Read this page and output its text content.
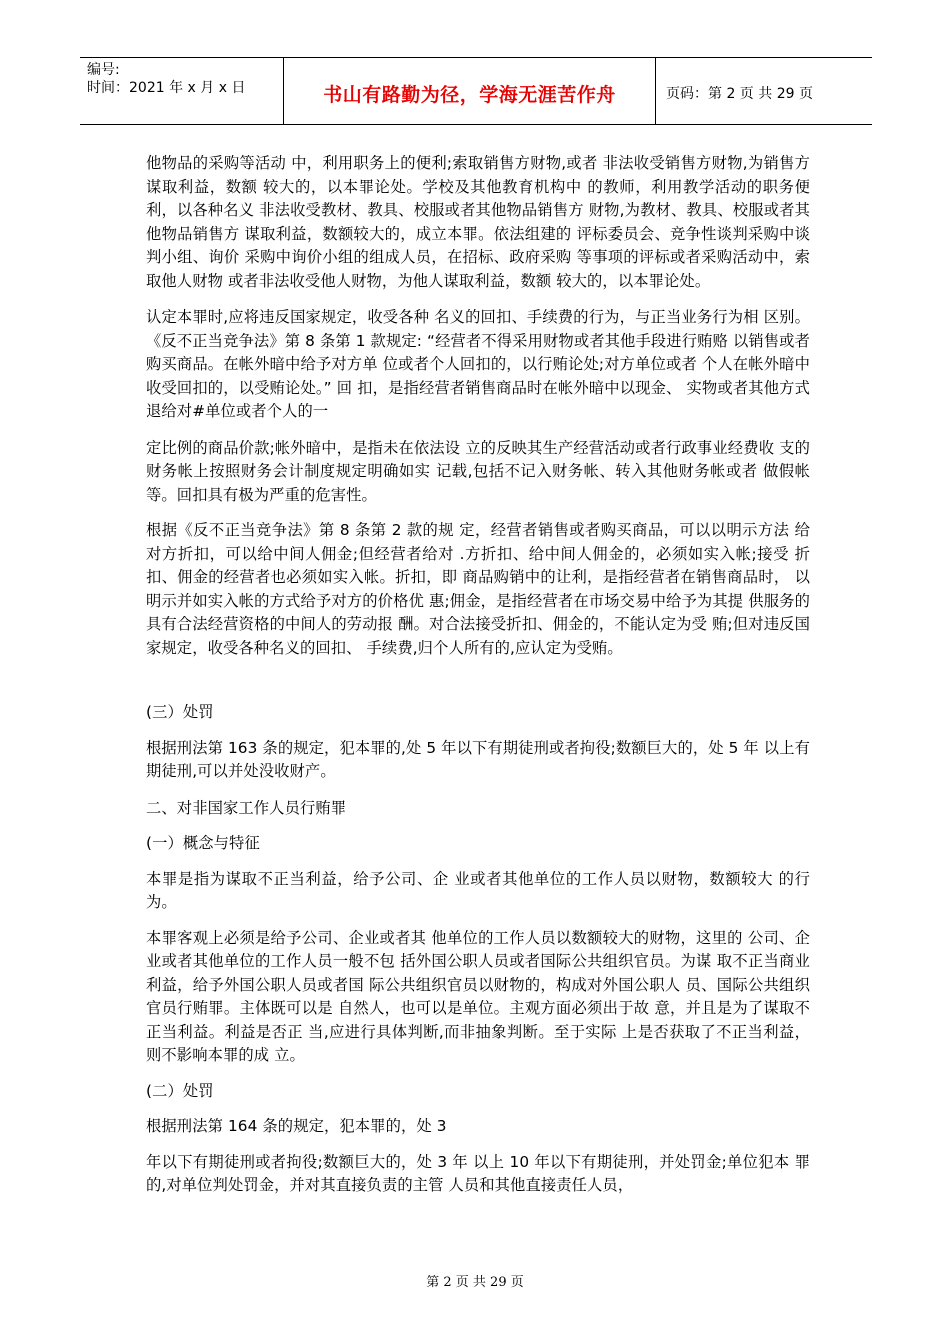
编号:
时间：2021 年 x 月 x 日	书山有路勤为径，学海无涯苦作舟	页码：第 2 页 共 29 页

他物品的采购等活动 中，利用职务上的便利;索取销售方财物,或者 非法收受销售方财物,为销售方谋取利益，数额 较大的，以本罪论处。学校及其他教育机构中 的教师，利用教学活动的职务便利，以各种名义 非法收受教材、教具、校服或者其他物品销售方 财物,为教材、教具、校服或者其他物品销售方 谋取利益，数额较大的，成立本罪。依法组建的 评标委员会、竞争性谈判采购中谈判小组、询价 采购中询价小组的组成人员，在招标、政府采购 等事项的评标或者采购活动中，索取他人财物 或者非法收受他人财物，为他人谋取利益，数额 较大的，以本罪论处。

认定本罪时,应将违反国家规定，收受各种 名义的回扣、手续费的行为，与正当业务行为相 区别。《反不正当竞争法》第 8 条第 1 款规定: “经营者不得采用财物或者其他手段进行贿赂 以销售或者购买商品。在帐外暗中给予对方单 位或者个人回扣的，以行贿论处;对方单位或者 个人在帐外暗中收受回扣的，以受贿论处。” 回 扣，是指经营者销售商品时在帐外暗中以现金、 实物或者其他方式退给对#单位或者个人的一

定比例的商品价款;帐外暗中，是指未在依法设 立的反映其生产经营活动或者行政事业经费收 支的财务帐上按照财务会计制度规定明确如实 记载,包括不记入财务帐、转入其他财务帐或者 做假帐等。回扣具有极为严重的危害性。

根据《反不正当竞争法》第 8 条第 2 款的规 定，经营者销售或者购买商品，可以以明示方法 给对方折扣，可以给中间人佣金;但经营者给对 .方折扣、给中间人佣金的，必须如实入帐;接受 折扣、佣金的经营者也必须如实入帐。折扣，即 商品购销中的让利，是指经营者在销售商品时， 以明示并如实入帐的方式给予对方的价格优 惠;佣金，是指经营者在市场交易中给予为其提 供服务的具有合法经营资格的中间人的劳动报 酬。对合法接受折扣、佣金的，不能认定为受 贿;但对违反国家规定，收受各种名义的回扣、 手续费,归个人所有的,应认定为受贿。

(三）处罚

根据刑法第 163 条的规定，犯本罪的,处 5 年以下有期徒刑或者拘役;数额巨大的，处 5 年 以上有期徒刑,可以并处没收财产。

二、对非国家工作人员行贿罪

(一）概念与特征

本罪是指为谋取不正当利益，给予公司、企 业或者其他单位的工作人员以财物，数额较大 的行为。

本罪客观上必须是给予公司、企业或者其 他单位的工作人员以数额较大的财物，这里的 公司、企业或者其他单位的工作人员一般不包 括外国公职人员或者国际公共组织官员。为谋 取不正当商业利益，给予外国公职人员或者国 际公共组织官员以财物的，构成对外国公职人 员、国际公共组织官员行贿罪。主体既可以是 自然人，也可以是单位。主观方面必须出于故 意，并且是为了谋取不正当利益。利益是否正 当,应进行具体判断,而非抽象判断。至于实际 上是否获取了不正当利益，则不影响本罪的成 立。

(二）处罚

根据刑法第 164 条的规定，犯本罪的，处 3

年以下有期徒刑或者拘役;数额巨大的，处 3 年 以上 10 年以下有期徒刑，并处罚金;单位犯本 罪的,对单位判处罚金，并对其直接负责的主管 人员和其他直接责任人员，

第 2 页 共 29 页
